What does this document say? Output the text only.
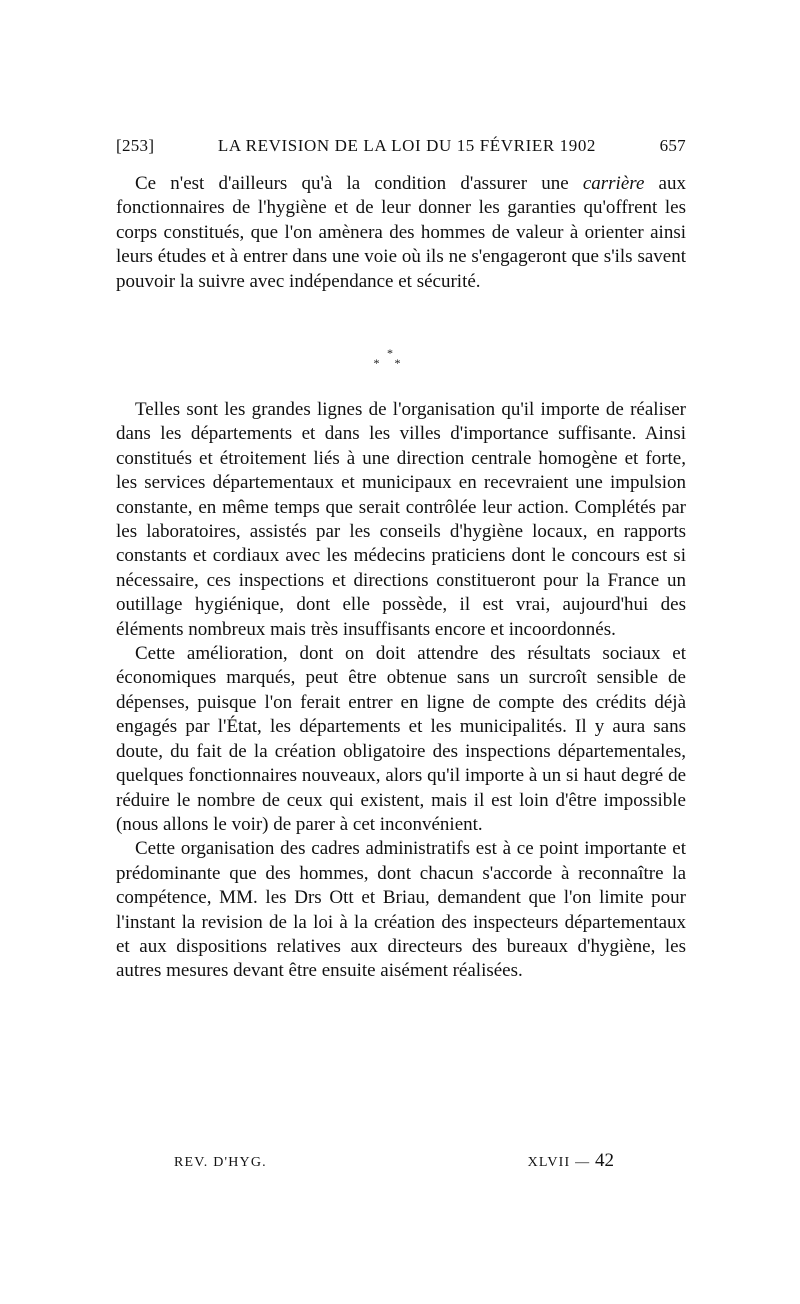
[253]	LA REVISION DE LA LOI DU 15 FÉVRIER 1902	657

Ce n'est d'ailleurs qu'à la condition d'assurer une carrière aux fonctionnaires de l'hygiène et de leur donner les garanties qu'offrent les corps constitués, que l'on amènera des hommes de valeur à orienter ainsi leurs études et à entrer dans une voie où ils ne s'engageront que s'ils savent pouvoir la suivre avec indépendance et sécurité.

*
* *

Telles sont les grandes lignes de l'organisation qu'il importe de réaliser dans les départements et dans les villes d'importance suffisante. Ainsi constitués et étroitement liés à une direction centrale homogène et forte, les services départementaux et municipaux en recevraient une impulsion constante, en même temps que serait contrôlée leur action. Complétés par les laboratoires, assistés par les conseils d'hygiène locaux, en rapports constants et cordiaux avec les médecins praticiens dont le concours est si nécessaire, ces inspections et directions constitueront pour la France un outillage hygiénique, dont elle possède, il est vrai, aujourd'hui des éléments nombreux mais très insuffisants encore et incoordonnés.

Cette amélioration, dont on doit attendre des résultats sociaux et économiques marqués, peut être obtenue sans un surcroît sensible de dépenses, puisque l'on ferait entrer en ligne de compte des crédits déjà engagés par l'État, les départements et les municipalités. Il y aura sans doute, du fait de la création obligatoire des inspections départementales, quelques fonctionnaires nouveaux, alors qu'il importe à un si haut degré de réduire le nombre de ceux qui existent, mais il est loin d'être impossible (nous allons le voir) de parer à cet inconvénient.

Cette organisation des cadres administratifs est à ce point importante et prédominante que des hommes, dont chacun s'accorde à reconnaître la compétence, MM. les Drs Ott et Briau, demandent que l'on limite pour l'instant la revision de la loi à la création des inspecteurs départementaux et aux dispositions relatives aux directeurs des bureaux d'hygiène, les autres mesures devant être ensuite aisément réalisées.

REV. D'HYG.	XLVII — 42
